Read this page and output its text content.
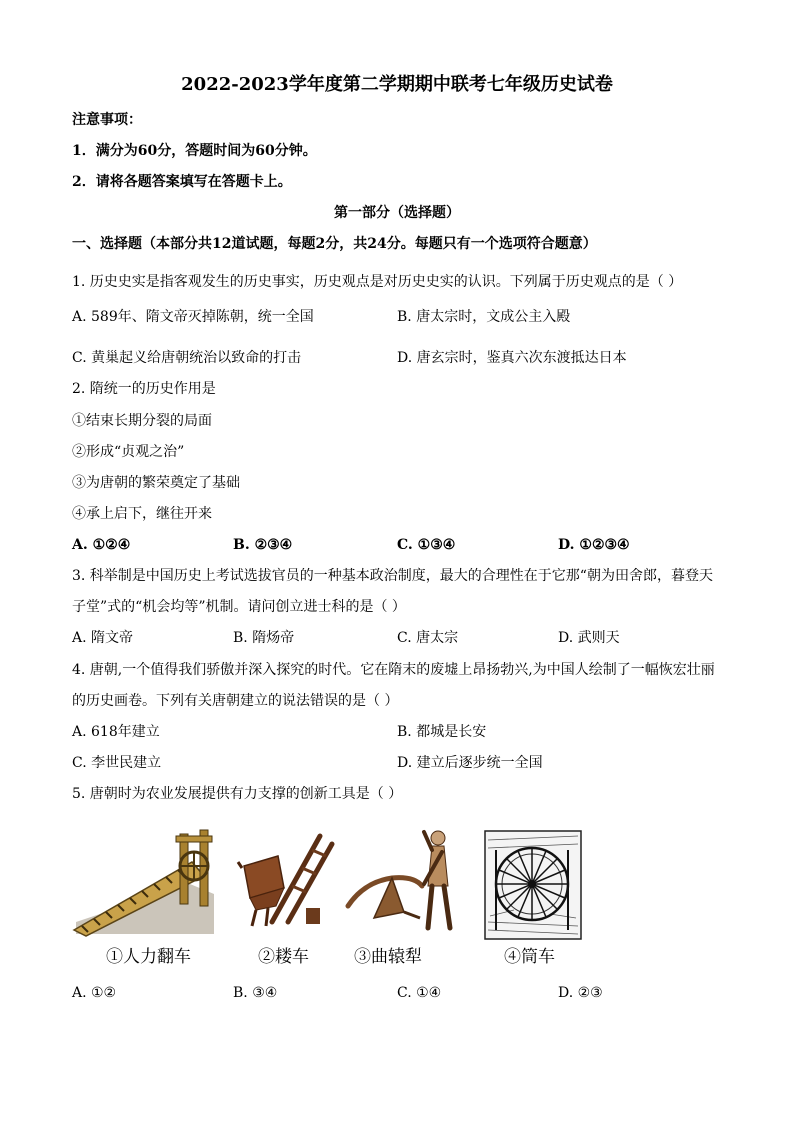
2022-2023学年度第二学期期中联考七年级历史试卷
注意事项：
1．满分为60分，答题时间为60分钟。
2．请将各题答案填写在答题卡上。
第一部分（选择题）
一、选择题（本部分共12道试题，每题2分，共24分。每题只有一个选项符合题意）
1. 历史史实是指客观发生的历史事实，历史观点是对历史史实的认识。下列属于历史观点的是（ ）
A. 589年、隋文帝灭掉陈朝，统一全国	B. 唐太宗时，文成公主入殿
C. 黄巢起义给唐朝统治以致命的打击	D. 唐玄宗时，鉴真六次东渡抵达日本
2. 隋统一的历史作用是
①结束长期分裂的局面
②形成“贞观之治”
③为唐朝的繁荣奠定了基础
④承上启下，继往开来
A. ①②④	B. ②③④	C. ①③④	D. ①②③④
3. 科举制是中国历史上考试选拔官员的一种基本政治制度，最大的合理性在于它那“朝为田舍郎，暮登天
子堂”式的“机会均等”机制。请问创立进士科的是（ ）
A. 隋文帝	B. 隋炀帝	C. 唐太宗	D. 武则天
4. 唐朝,一个值得我们骄傲并深入探究的时代。它在隋末的废墟上昂扬勃兴,为中国人绘制了一幅恢宏壮丽
的历史画卷。下列有关唐朝建立的说法错误的是（ ）
A. 618年建立	B. 都城是长安
C. 李世民建立	D. 建立后逐步统一全国
5. 唐朝时为农业发展提供有力支撑的创新工具是（ ）
①人力翻车	②耧车	③曲辕犁	④筒车
A. ①②	B. ③④	C. ①④	D. ②③
